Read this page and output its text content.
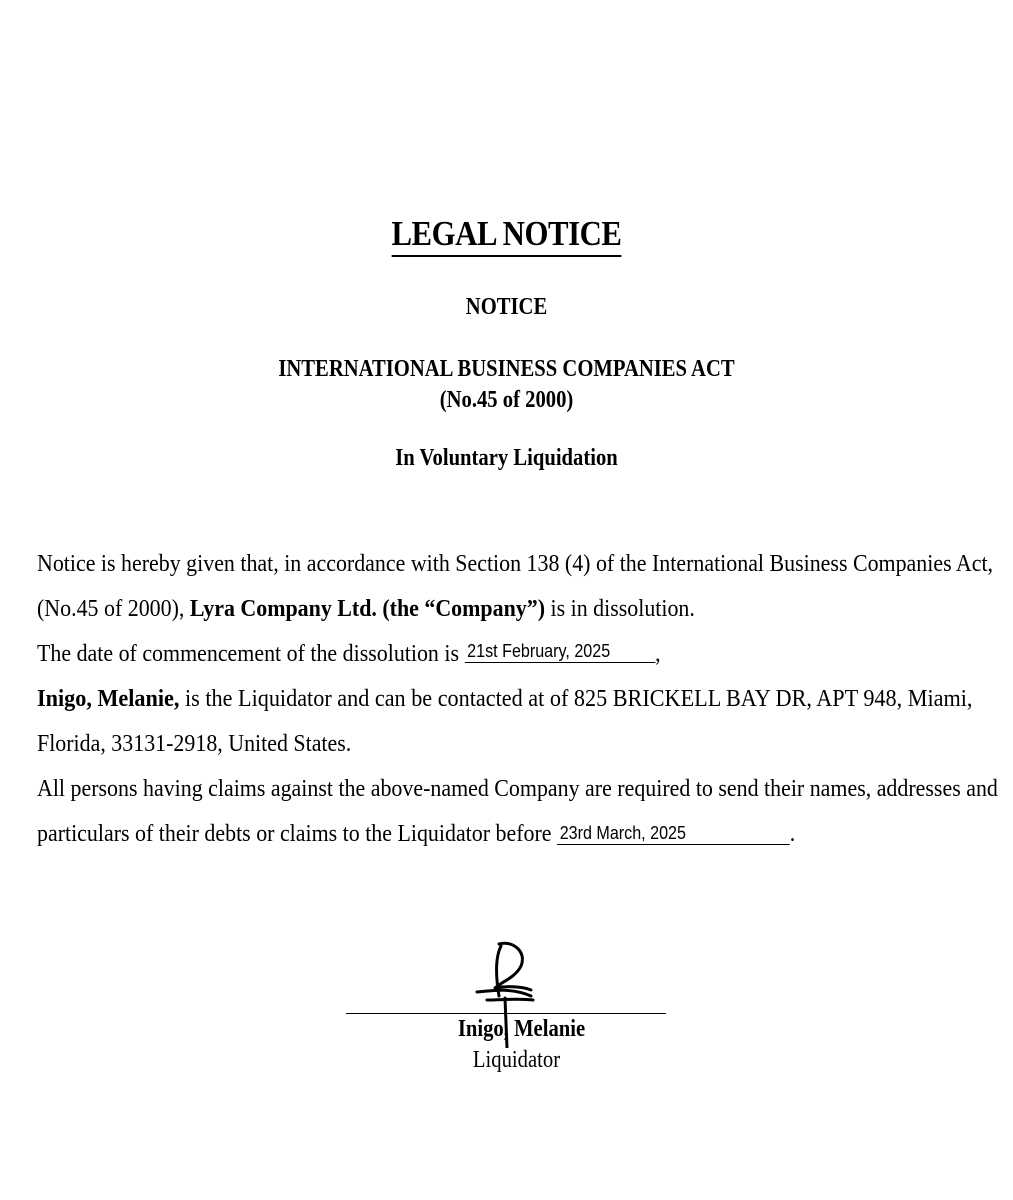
LEGAL NOTICE
NOTICE
INTERNATIONAL BUSINESS COMPANIES ACT
(No.45 of 2000)
In Voluntary Liquidation
Notice is hereby given that, in accordance with Section 138 (4) of the International Business Companies Act,
(No.45 of 2000), Lyra Company Ltd. (the “Company”) is in dissolution.
The date of commencement of the dissolution is 21st February, 2025 ,
Inigo, Melanie, is the Liquidator and can be contacted at of 825 BRICKELL BAY DR, APT 948, Miami,
Florida, 33131-2918, United States.
All persons having claims against the above-named Company are required to send their names, addresses and
particulars of their debts or claims to the Liquidator before 23rd March, 2025	.
Inigo, Melanie
Liquidator
